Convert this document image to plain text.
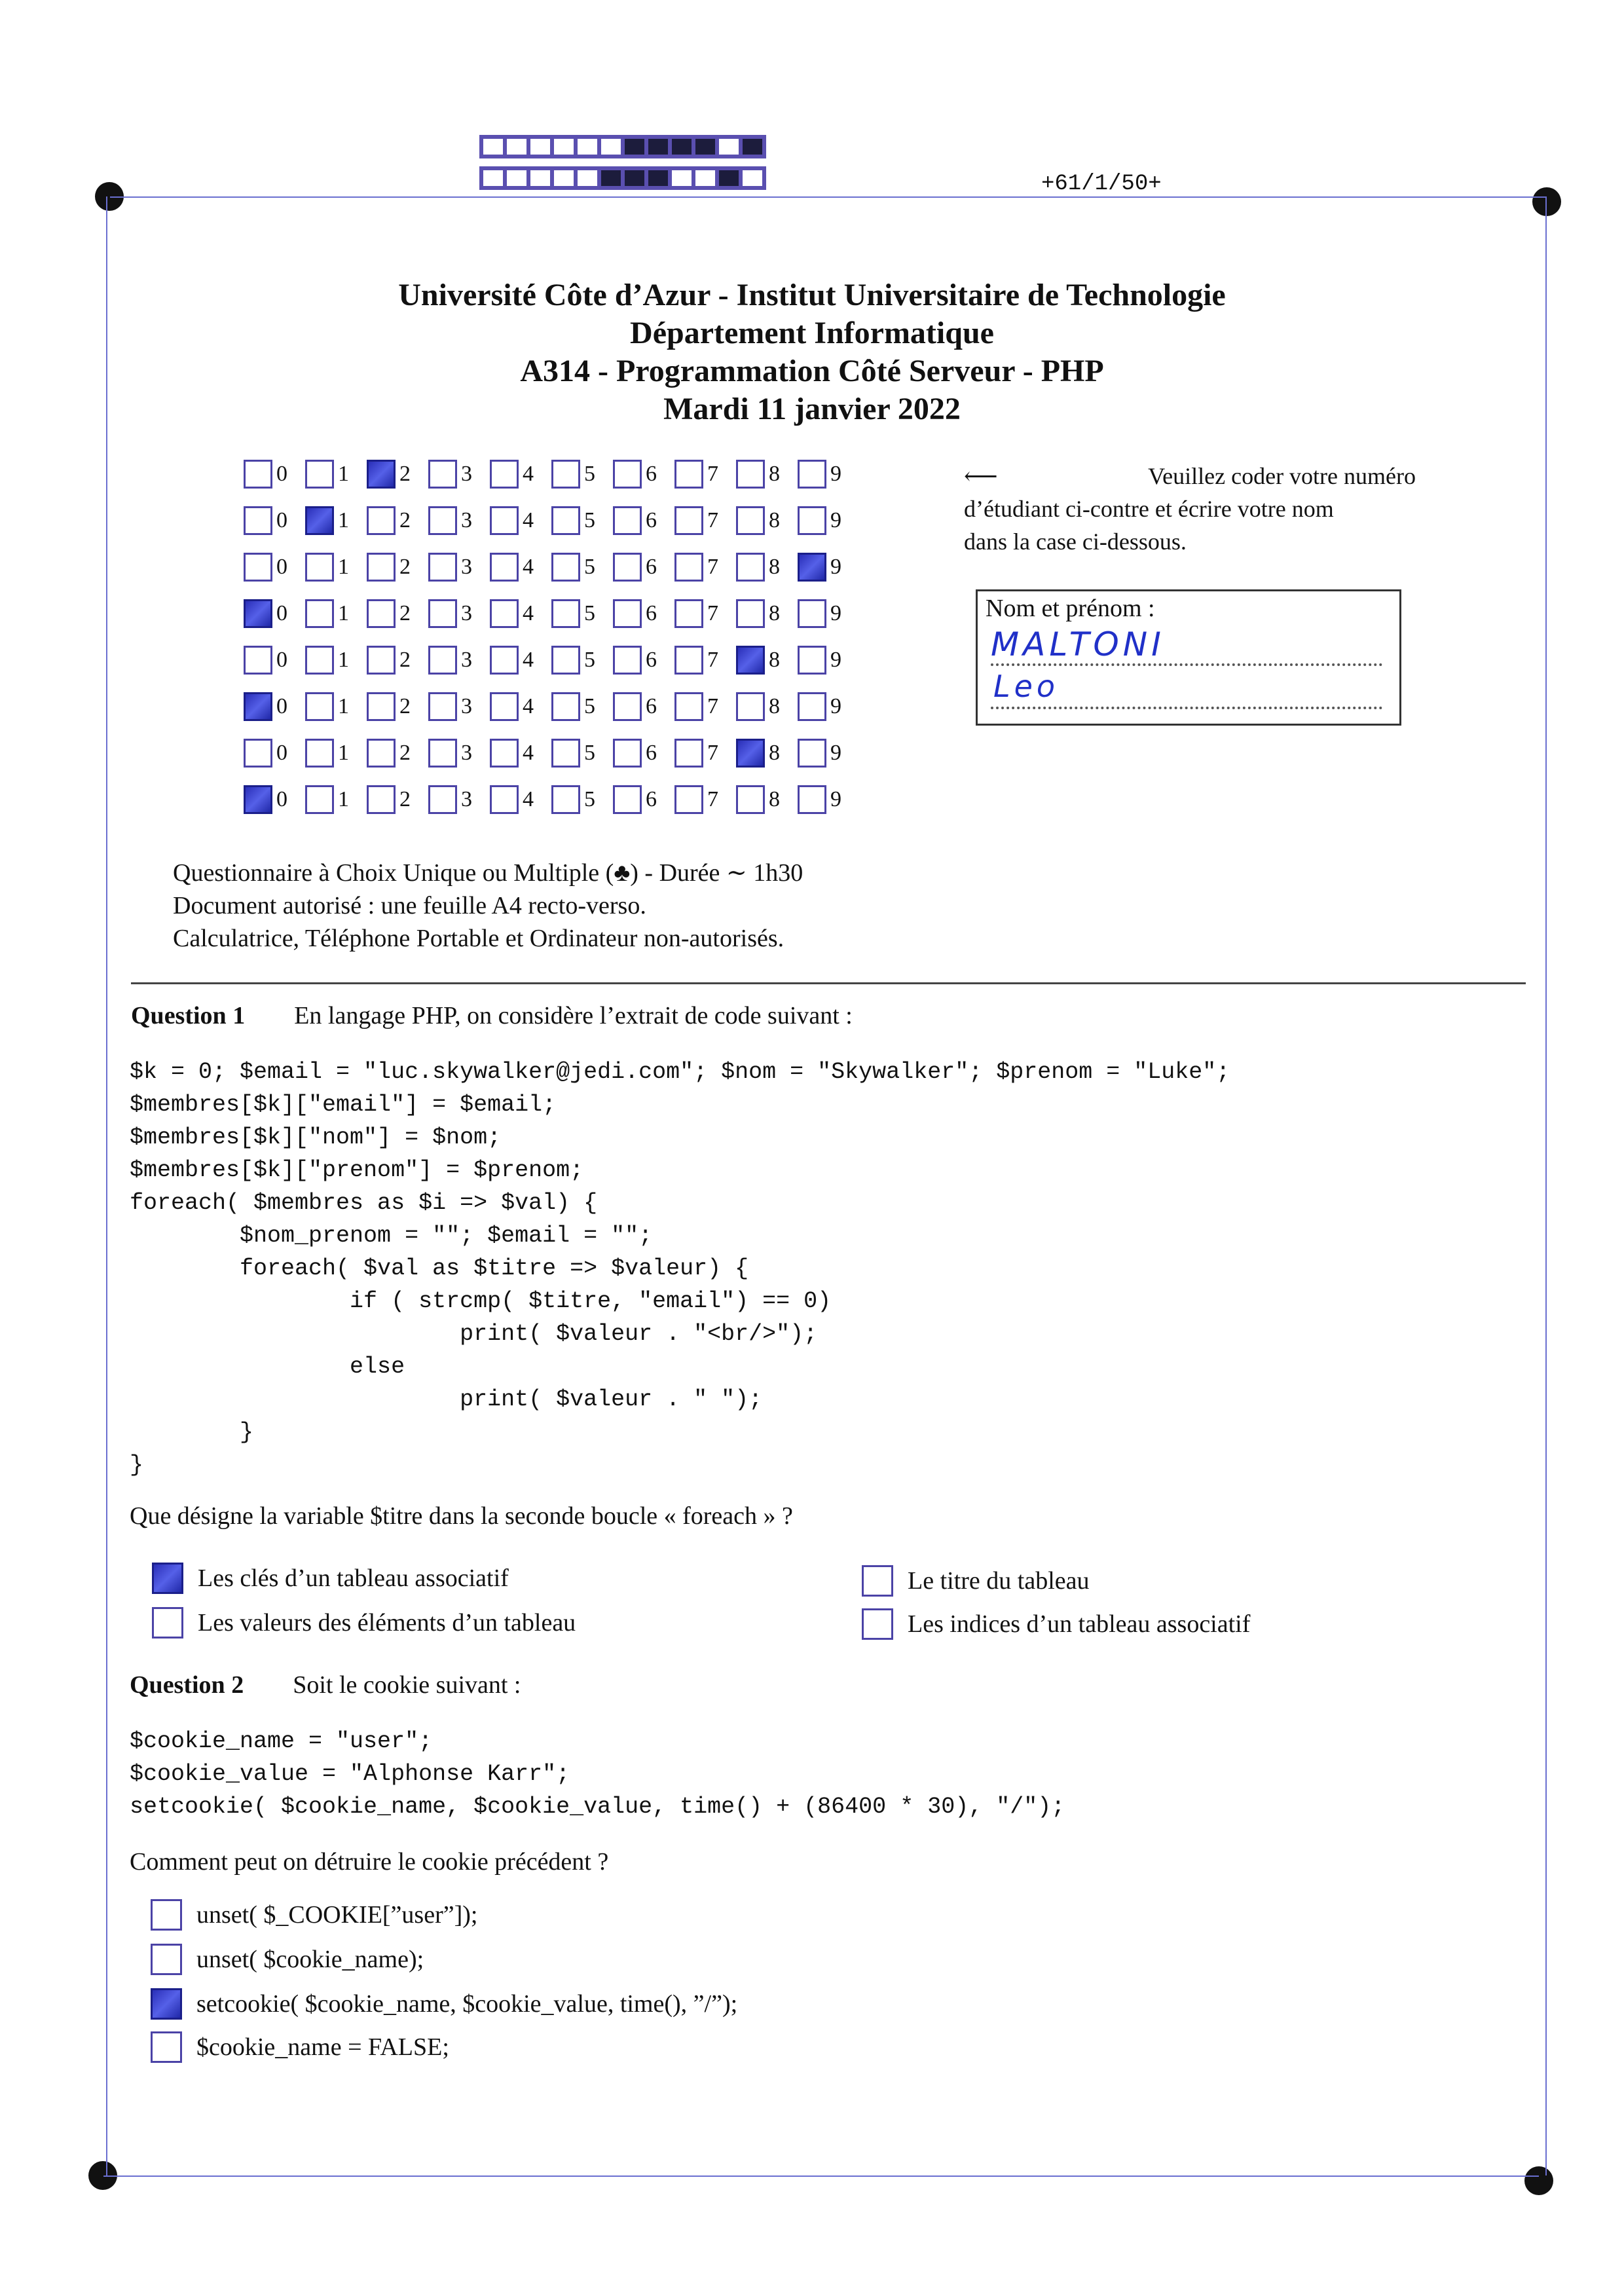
+61/1/50+
Université Côte d’Azur - Institut Universitaire de Technologie
Département Informatique
A314 - Programmation Côté Serveur - PHP
Mardi 11 janvier 2022
0 1 2 3 4 5 6 7 8 9
0 1 2 3 4 5 6 7 8 9
0 1 2 3 4 5 6 7 8 9
0 1 2 3 4 5 6 7 8 9
0 1 2 3 4 5 6 7 8 9
0 1 2 3 4 5 6 7 8 9
0 1 2 3 4 5 6 7 8 9
0 1 2 3 4 5 6 7 8 9
⟵	Veuillez coder votre numéro
d’étudiant ci-contre et écrire votre nom
dans la case ci-dessous.
Nom et prénom :
MALTONI
Leo
Questionnaire à Choix Unique ou Multiple (♣) - Durée ∼ 1h30
Document autorisé : une feuille A4 recto-verso.
Calculatrice, Téléphone Portable et Ordinateur non-autorisés.
Question 1 En langage PHP, on considère l’extrait de code suivant :
$k = 0; $email = "luc.skywalker@jedi.com"; $nom = "Skywalker"; $prenom = "Luke";
$membres[$k]["email"] = $email;
$membres[$k]["nom"] = $nom;
$membres[$k]["prenom"] = $prenom;
foreach( $membres as $i => $val) {
$nom_prenom = ""; $email = "";
foreach( $val as $titre => $valeur) {
if ( strcmp( $titre, "email") == 0)
print( $valeur . "<br/>");
else
print( $valeur . " ");
}
}
Que désigne la variable $titre dans la seconde boucle « foreach » ?
Les clés d’un tableau associatif	Le titre du tableau
Les valeurs des éléments d’un tableau	Les indices d’un tableau associatif
Question 2 Soit le cookie suivant :
$cookie_name = "user";
$cookie_value = "Alphonse Karr";
setcookie( $cookie_name, $cookie_value, time() + (86400 * 30), "/");
Comment peut on détruire le cookie précédent ?
unset( $_COOKIE[”user”]);
unset( $cookie_name);
setcookie( $cookie_name, $cookie_value, time(), ”/”);
$cookie_name = FALSE;
